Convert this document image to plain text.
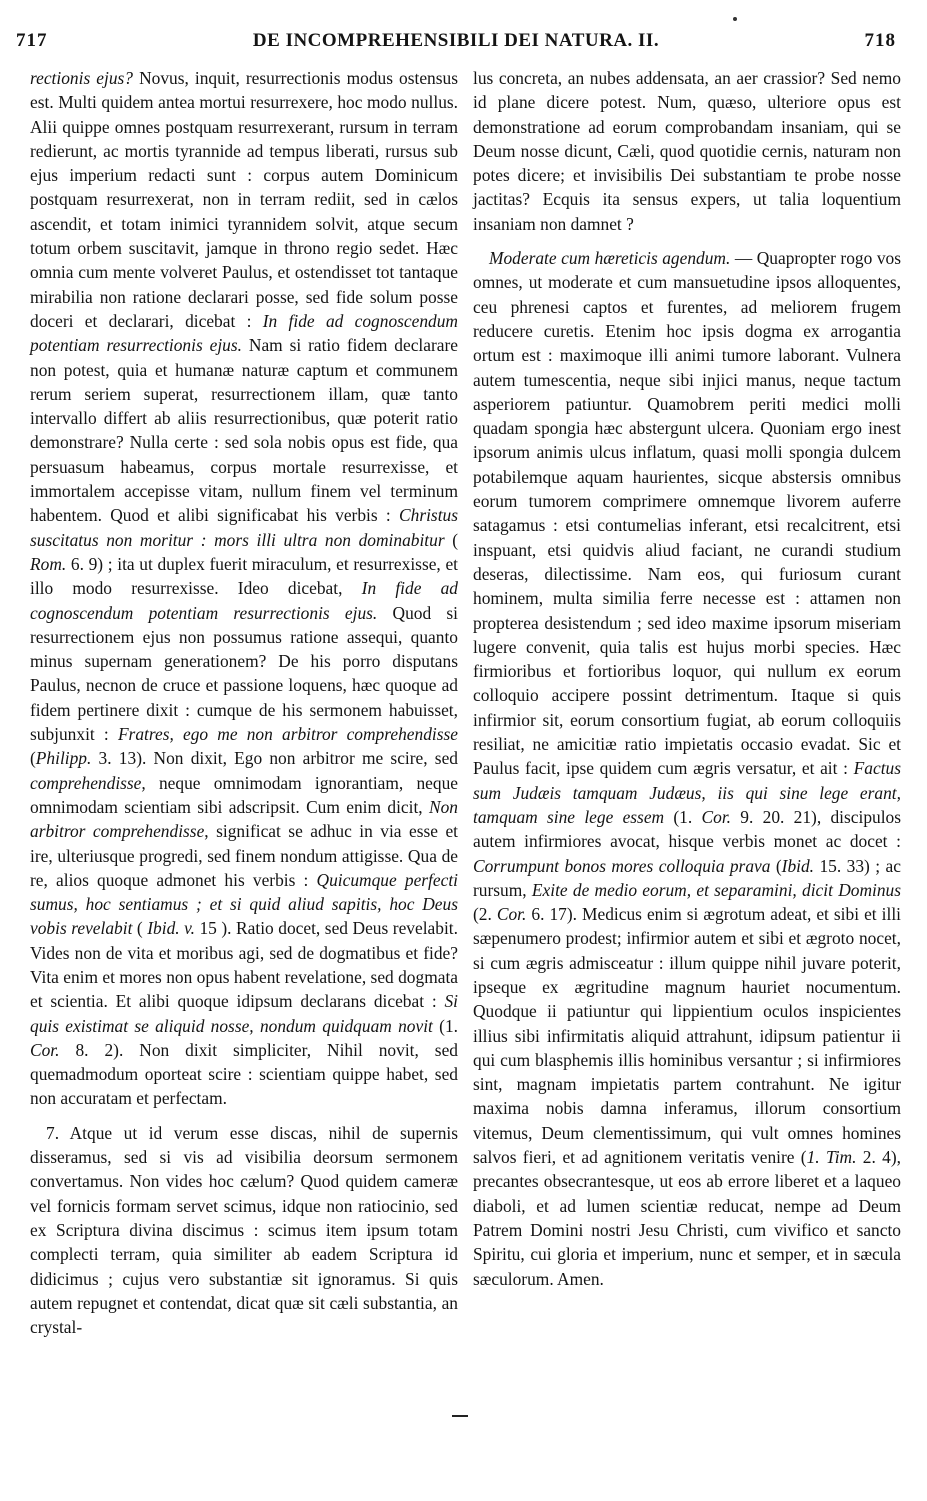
717	DE INCOMPREHENSIBILI DEI NATURA. II.	718

rectionis ejus? Novus, inquit, resurrectionis modus ostensus est. Multi quidem antea mortui resurrexere, hoc modo nullus. Alii quippe omnes postquam resurrexerant, rursum in terram redierunt, ac mortis tyrannide ad tempus liberati, rursus sub ejus imperium redacti sunt : corpus autem Dominicum postquam resurrexerat, non in terram rediit, sed in cælos ascendit, et totam inimici tyrannidem solvit, atque secum totum orbem suscitavit, jamque in throno regio sedet. Hæc omnia cum mente volveret Paulus, et ostendisset tot tantaque mirabilia non ratione declarari posse, sed fide solum posse doceri et declarari, dicebat : In fide ad cognoscendum potentiam resurrectionis ejus. Nam si ratio fidem declarare non potest, quia et humanæ naturæ captum et communem rerum seriem superat, resurrectionem illam, quæ tanto intervallo differt ab aliis resurrectionibus, quæ poterit ratio demonstrare? Nulla certe : sed sola nobis opus est fide, qua persuasum habeamus, corpus mortale resurrexisse, et immortalem accepisse vitam, nullum finem vel terminum habentem. Quod et alibi significabat his verbis : Christus suscitatus non moritur : mors illi ultra non dominabitur ( Rom. 6. 9) ; ita ut duplex fuerit miraculum, et resurrexisse, et illo modo resurrexisse. Ideo dicebat, In fide ad cognoscendum potentiam resurrectionis ejus. Quod si resurrectionem ejus non possumus ratione assequi, quanto minus supernam generationem? De his porro disputans Paulus, necnon de cruce et passione loquens, hæc quoque ad fidem pertinere dixit : cumque de his sermonem habuisset, subjunxit : Fratres, ego me non arbitror comprehendisse (Philipp. 3. 13). Non dixit, Ego non arbitror me scire, sed comprehendisse, neque omnimodam ignorantiam, neque omnimodam scientiam sibi adscripsit. Cum enim dicit, Non arbitror comprehendisse, significat se adhuc in via esse et ire, ulteriusque progredi, sed finem nondum attigisse. Qua de re, alios quoque admonet his verbis : Quicumque perfecti sumus, hoc sentiamus ; et si quid aliud sapitis, hoc Deus vobis revelabit ( Ibid. v. 15 ). Ratio docet, sed Deus revelabit. Vides non de vita et moribus agi, sed de dogmatibus et fide? Vita enim et mores non opus habent revelatione, sed dogmata et scientia. Et alibi quoque idipsum declarans dicebat : Si quis existimat se aliquid nosse, nondum quidquam novit (1. Cor. 8. 2). Non dixit simpliciter, Nihil novit, sed quemadmodum oporteat scire : scientiam quippe habet, sed non accuratam et perfectam.

7. Atque ut id verum esse discas, nihil de supernis disseramus, sed si vis ad visibilia deorsum sermonem convertamus. Non vides hoc cælum? Quod quidem cameræ vel fornicis formam servet scimus, idque non ratiocinio, sed ex Scriptura divina discimus : scimus item ipsum totam complecti terram, quia similiter ab eadem Scriptura id didicimus ; cujus vero substantiæ sit ignoramus. Si quis autem repugnet et contendat, dicat quæ sit cæli substantia, an crystal-

lus concreta, an nubes addensata, an aer crassior? Sed nemo id plane dicere potest. Num, quæso, ulteriore opus est demonstratione ad eorum comprobandam insaniam, qui se Deum nosse dicunt, Cæli, quod quotidie cernis, naturam non potes dicere; et invisibilis Dei substantiam te probe nosse jactitas? Ecquis ita sensus expers, ut talia loquentium insaniam non damnet ?

Moderate cum hæreticis agendum. — Quapropter rogo vos omnes, ut moderate et cum mansuetudine ipsos alloquentes, ceu phrenesi captos et furentes, ad meliorem frugem reducere curetis. Etenim hoc ipsis dogma ex arrogantia ortum est : maximoque illi animi tumore laborant. Vulnera autem tumescentia, neque sibi injici manus, neque tactum asperiorem patiuntur. Quamobrem periti medici molli quadam spongia hæc abstergunt ulcera. Quoniam ergo inest ipsorum animis ulcus inflatum, quasi molli spongia dulcem potabilemque aquam haurientes, sicque abstersis omnibus eorum tumorem comprimere omnemque livorem auferre satagamus : etsi contumelias inferant, etsi recalcitrent, etsi inspuant, etsi quidvis aliud faciant, ne curandi studium deseras, dilectissime. Nam eos, qui furiosum curant hominem, multa similia ferre necesse est : attamen non propterea desistendum ; sed ideo maxime ipsorum miseriam lugere convenit, quia talis est hujus morbi species. Hæc firmioribus et fortioribus loquor, qui nullum ex eorum colloquio accipere possint detrimentum. Itaque si quis infirmior sit, eorum consortium fugiat, ab eorum colloquiis resiliat, ne amicitiæ ratio impietatis occasio evadat. Sic et Paulus facit, ipse quidem cum ægris versatur, et ait : Factus sum Judæis tamquam Judæus, iis qui sine lege erant, tamquam sine lege essem (1. Cor. 9. 20. 21), discipulos autem infirmiores avocat, hisque verbis monet ac docet : Corrumpunt bonos mores colloquia prava (Ibid. 15. 33) ; ac rursum, Exite de medio eorum, et separamini, dicit Dominus (2. Cor. 6. 17). Medicus enim si ægrotum adeat, et sibi et illi sæpenumero prodest; infirmior autem et sibi et ægroto nocet, si cum ægris admisceatur : illum quippe nihil juvare poterit, ipseque ex ægritudine magnum hauriet nocumentum. Quodque ii patiuntur qui lippientium oculos inspicientes illius sibi infirmitatis aliquid attrahunt, idipsum patientur ii qui cum blasphemis illis hominibus versantur ; si infirmiores sint, magnam impietatis partem contrahunt. Ne igitur maxima nobis damna inferamus, illorum consortium vitemus, Deum clementissimum, qui vult omnes homines salvos fieri, et ad agnitionem veritatis venire (1. Tim. 2. 4), precantes obsecrantesque, ut eos ab errore liberet et a laqueo diaboli, et ad lumen scientiæ reducat, nempe ad Deum Patrem Domini nostri Jesu Christi, cum vivifico et sancto Spiritu, cui gloria et imperium, nunc et semper, et in sæcula sæculorum. Amen.
